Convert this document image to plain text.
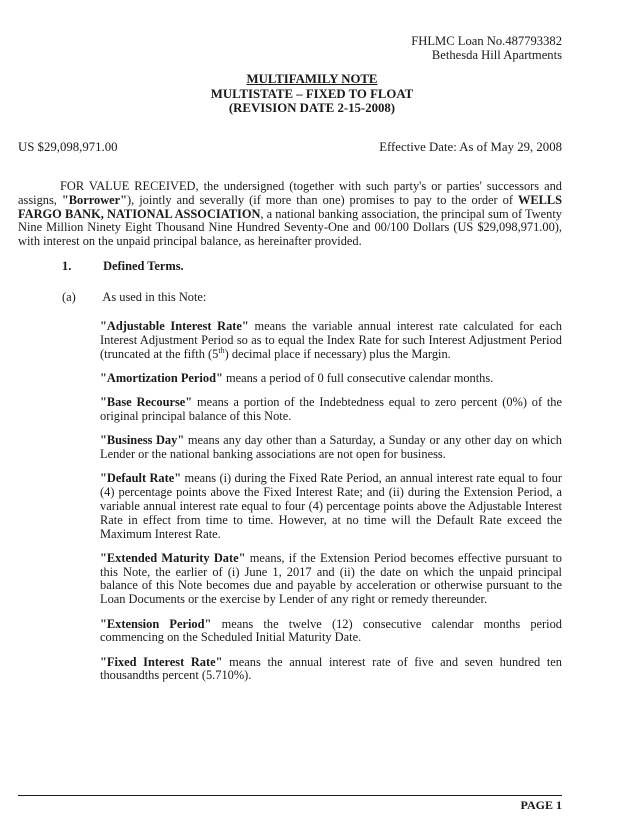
FHLMC Loan No.487793382
Bethesda Hill Apartments
MULTIFAMILY NOTE
MULTISTATE – FIXED TO FLOAT
(REVISION DATE 2-15-2008)
US $29,098,971.00	Effective Date: As of May 29, 2008

FOR VALUE RECEIVED, the undersigned (together with such party's or parties' successors and assigns, "Borrower"), jointly and severally (if more than one) promises to pay to the order of WELLS FARGO BANK, NATIONAL ASSOCIATION, a national banking association, the principal sum of Twenty Nine Million Ninety Eight Thousand Nine Hundred Seventy-One and 00/100 Dollars (US $29,098,971.00), with interest on the unpaid principal balance, as hereinafter provided.

1.	Defined Terms.
(a) As used in this Note:

"Adjustable Interest Rate" means the variable annual interest rate calculated for each Interest Adjustment Period so as to equal the Index Rate for such Interest Adjustment Period (truncated at the fifth (5th) decimal place if necessary) plus the Margin.

"Amortization Period" means a period of 0 full consecutive calendar months.

"Base Recourse" means a portion of the Indebtedness equal to zero percent (0%) of the original principal balance of this Note.

"Business Day" means any day other than a Saturday, a Sunday or any other day on which Lender or the national banking associations are not open for business.

"Default Rate" means (i) during the Fixed Rate Period, an annual interest rate equal to four (4) percentage points above the Fixed Interest Rate; and (ii) during the Extension Period, a variable annual interest rate equal to four (4) percentage points above the Adjustable Interest Rate in effect from time to time. However, at no time will the Default Rate exceed the Maximum Interest Rate.

"Extended Maturity Date" means, if the Extension Period becomes effective pursuant to this Note, the earlier of (i) June 1, 2017 and (ii) the date on which the unpaid principal balance of this Note becomes due and payable by acceleration or otherwise pursuant to the Loan Documents or the exercise by Lender of any right or remedy thereunder.

"Extension Period" means the twelve (12) consecutive calendar months period commencing on the Scheduled Initial Maturity Date.

"Fixed Interest Rate" means the annual interest rate of five and seven hundred ten thousandths percent (5.710%).

PAGE 1
